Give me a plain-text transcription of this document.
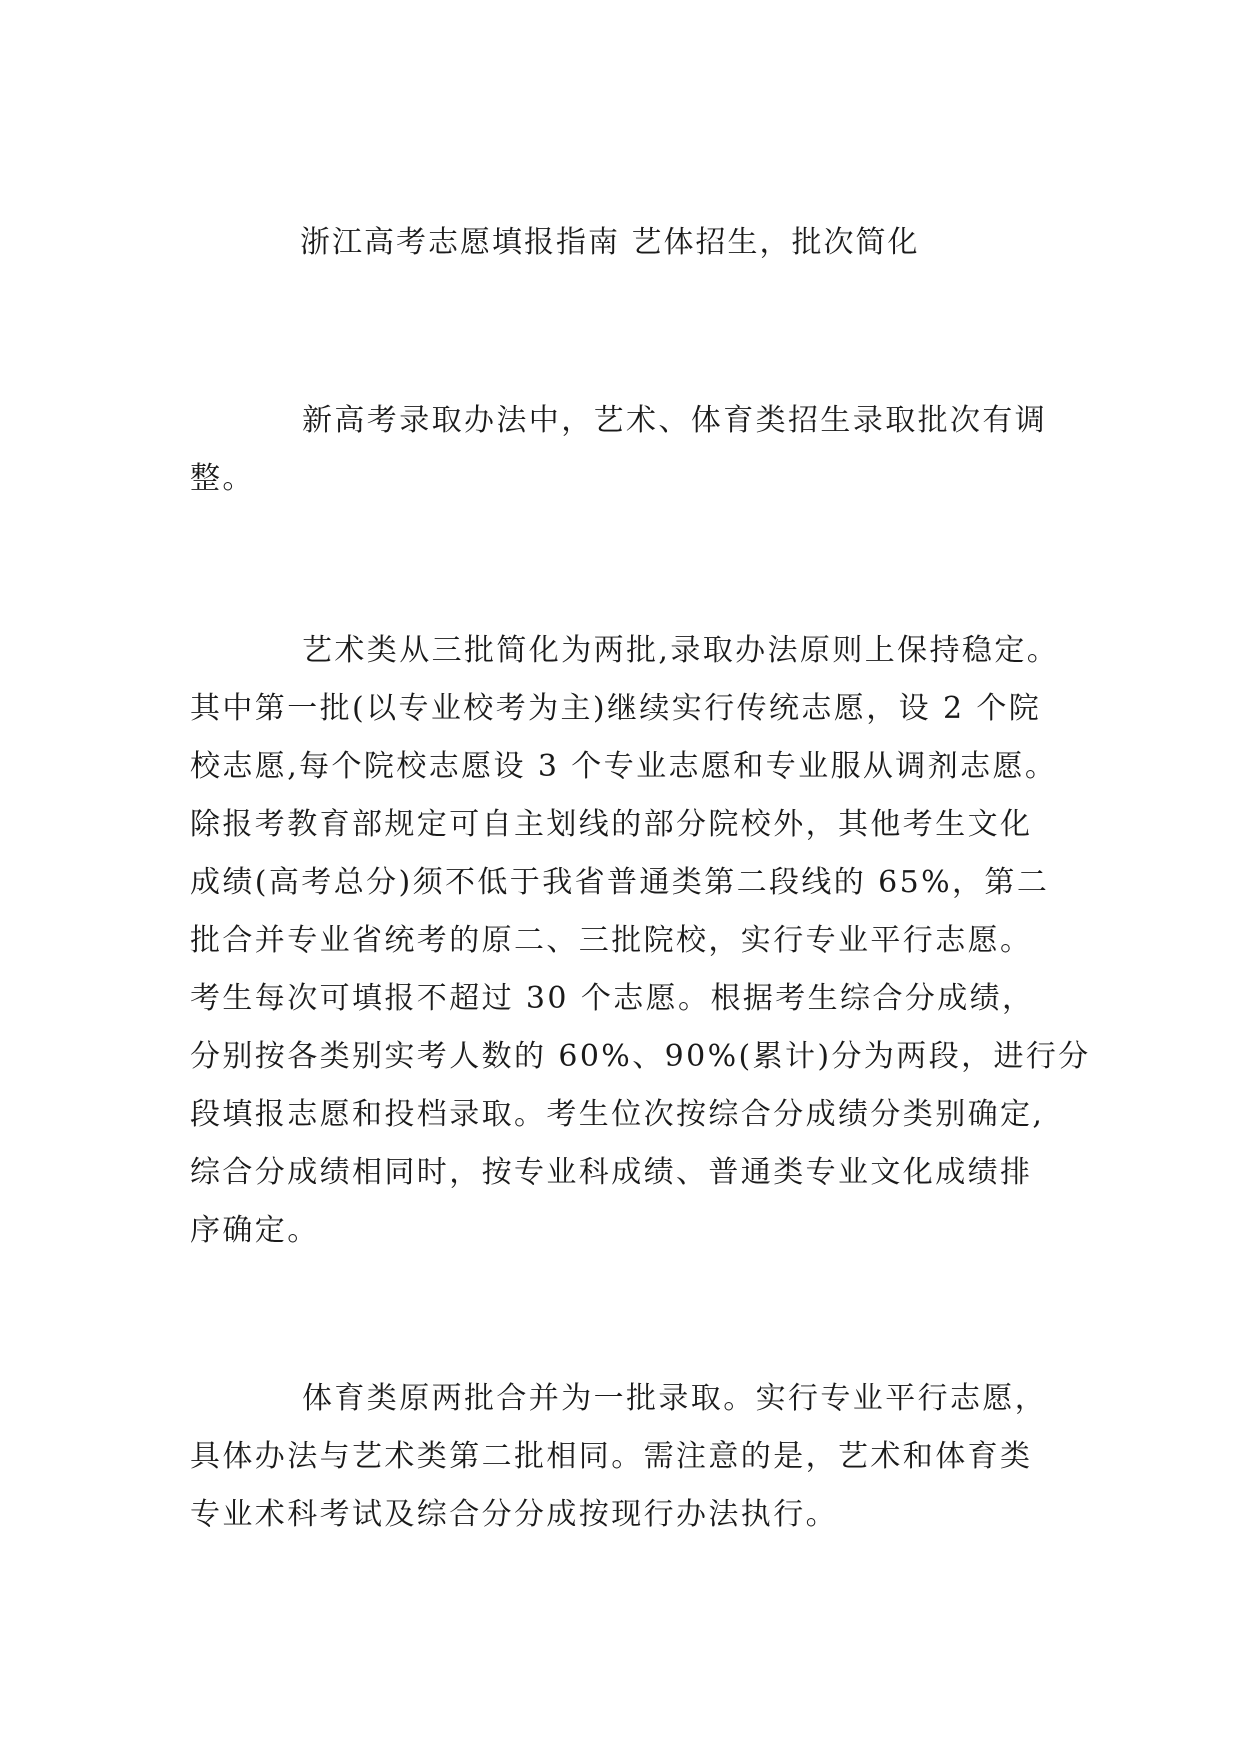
浙江高考志愿填报指南 艺体招生，批次简化
新高考录取办法中，艺术、体育类招生录取批次有调
整。
艺术类从三批简化为两批,录取办法原则上保持稳定。
其中第一批(以专业校考为主)继续实行传统志愿，设 2 个院
校志愿,每个院校志愿设 3 个专业志愿和专业服从调剂志愿。
除报考教育部规定可自主划线的部分院校外，其他考生文化
成绩(高考总分)须不低于我省普通类第二段线的 65%，第二
批合并专业省统考的原二、三批院校，实行专业平行志愿。
考生每次可填报不超过 30 个志愿。根据考生综合分成绩，
分别按各类别实考人数的 60%、90%(累计)分为两段，进行分
段填报志愿和投档录取。考生位次按综合分成绩分类别确定,
综合分成绩相同时，按专业科成绩、普通类专业文化成绩排
序确定。
体育类原两批合并为一批录取。实行专业平行志愿，
具体办法与艺术类第二批相同。需注意的是，艺术和体育类
专业术科考试及综合分分成按现行办法执行。
